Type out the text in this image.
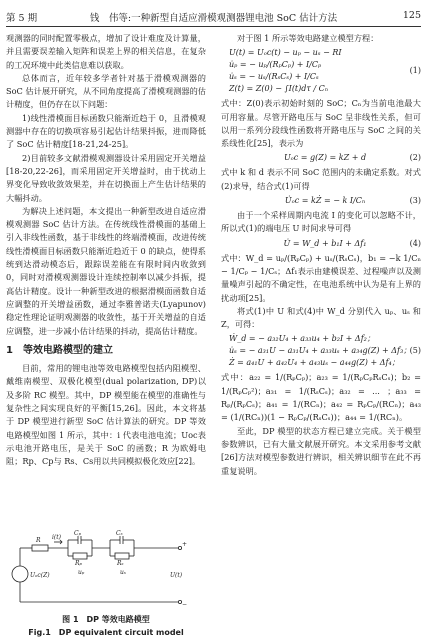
第 5 期	钱　伟等:一种新型自适应滑模观测器锂电池 SoC 估计方法	125

观测器的同时配置零极点，增加了设计难度及计算量，并且需要误差输入矩阵和误差上界的相关信息，在复杂的工况环境中此类信息难以获取。

总体而言，近年较多学者针对基于滑模观测器的 SoC 估计展开研究，从不同角度提高了滑模观测器的估计精度，但仍存在以下问题：

1)线性滑模面目标函数只能渐近趋于 0，且滑模观测器中存在的切换项容易引起估计结果抖振，进而降低了 SoC 估计精度[18-21,24-25]。

2)目前较多文献滑模观测器设计采用固定开关增益[18-20,22-26]，而采用固定开关增益时，由于扰动上界变化导致收敛效果差，并在切换面上产生估计结果的大幅抖动。

为解决上述问题，本文提出一种新型改进自适应滑模观测器 SoC 估计方法。在传统线性滑模面的基础上引入非线性函数，基于非线性的终端滑模面，改进传统线性滑模面目标函数只能渐近趋近于 0 的缺点，使得系统到达滑动模态后，跟踪误差能在有限时间内收敛到 0，同时对滑模观测器设计连续控制率以减少抖振，提高估计精度。设计一种新型改进的根据滑模面函数自适应调整的开关增益函数，通过李雅普诺夫(Lyapunov)稳定性理论证明观测器的收敛性，基于开关增益的自适应调整，进一步减小估计结果的抖动，提高估计精度。

1　等效电路模型的建立

目前，常用的锂电池等效电路模型包括内阻模型、戴维南模型、双极化模型(dual polarization, DP)以及多阶 RC 模型。其中，DP 模型能在模型的准确性与复杂性之间实现良好的平衡[15,26]。因此，本文将基于 DP 模型进行新型 SoC 估计算法的研究。DP 等效电路模型如图 1 所示，其中：i 代表电池电流；Uoc表示电池开路电压，是关于 SoC 的函数；R 为欧姆电阻；Rp、Cp与 Rs、Cs用以共同模拟极化效应[22]。

R i(t)
Cₚ
Rₚ
Cₛ
Rₛ
uₚ	uₛ
Uₒc(Z)	U(t)
+
−
图 1　DP 等效电路模型
Fig.1　DP equivalent circuit model

对于图 1 所示等效电路建立模型方程：

U(t) = Uₒc(t) − uₚ − uₛ − RI
u̇ₚ = − uₚ/(RₚCₚ) + I/Cₚ
u̇ₛ = − uₛ/(RₛCₛ) + I/Cₛ
Z(t) = Z(0) − ∫I(t)dτ / Cₙ
(1)

式中：Z(0)表示初始时刻的 SoC；Cₙ为当前电池最大可用容量。尽管开路电压与 SoC 呈非线性关系，但可以用一系列分段线性函数将开路电压与 SoC 之间的关系线性化[25]，表示为

Uₒc = g(Z) = kZ + d	(2)

式中 k 和 d 表示不同 SoC 范围内的未确定系数。对式(2)求导，结合式(1)可得

U̇ₒc = kŻ = − k I/Cₙ	(3)

由于一个采样周期内电流 I 的变化可以忽略不计，所以式(1)的端电压 U 时间求导可得

U̇ = W_d + b₁I + Δf₁	(4)

式中：W_d = uₚ/(RₚCₚ) + uₛ/(RₛCₛ)，b₁ = −k 1/Cₙ − 1/Cₚ − 1/Cₛ；Δf₁表示由建模误差、过程噪声以及测量噪声引起的不确定性，在电池系统中认为是有上界的扰动项[25]。

将式(1)中 U 和式(4)中 W_d 分别代入 uₚ、uₛ 和 Z，可得：

Ẇ_d = − a₃₂U₄ + a₃₃u₄ + b₂I + Δf₂；
u̇ₛ = − a₃₁U − a₃₁U₄ + a₃₃uₛ + a₃₄g(Z) + Δf₃；
Ż = a₄₁U + a₄₂U₄ + a₄₃uₛ − a₄₄g(Z) + Δf₄；
(5)

式中：a₂₂ = 1/(RₚCₚ)；a₂₃ = 1/(RₚCₚRₛCₛ)；b₂ = 1/(RₚCₚ²)；a₃₁ = 1/(RₛCₛ)；a₃₂ = ... ；a₃₃ = Rₚ/(RₚCₛ)；a₄₁ = 1/(RCₙ)；a₄₂ = RₚCₚ/(RCₙ)；a₄₃ = (1/(RCₙ))(1 − RₚCₚ/(RₛCₛ))；a₄₄ = 1/(RCₙ)。

至此，DP 模型的状态方程已建立完成。关于模型参数辨识，已有大量文献展开研究。本文采用参考文献[26]方法对模型参数进行辨识，相关辨识细节在此不再重复说明。
